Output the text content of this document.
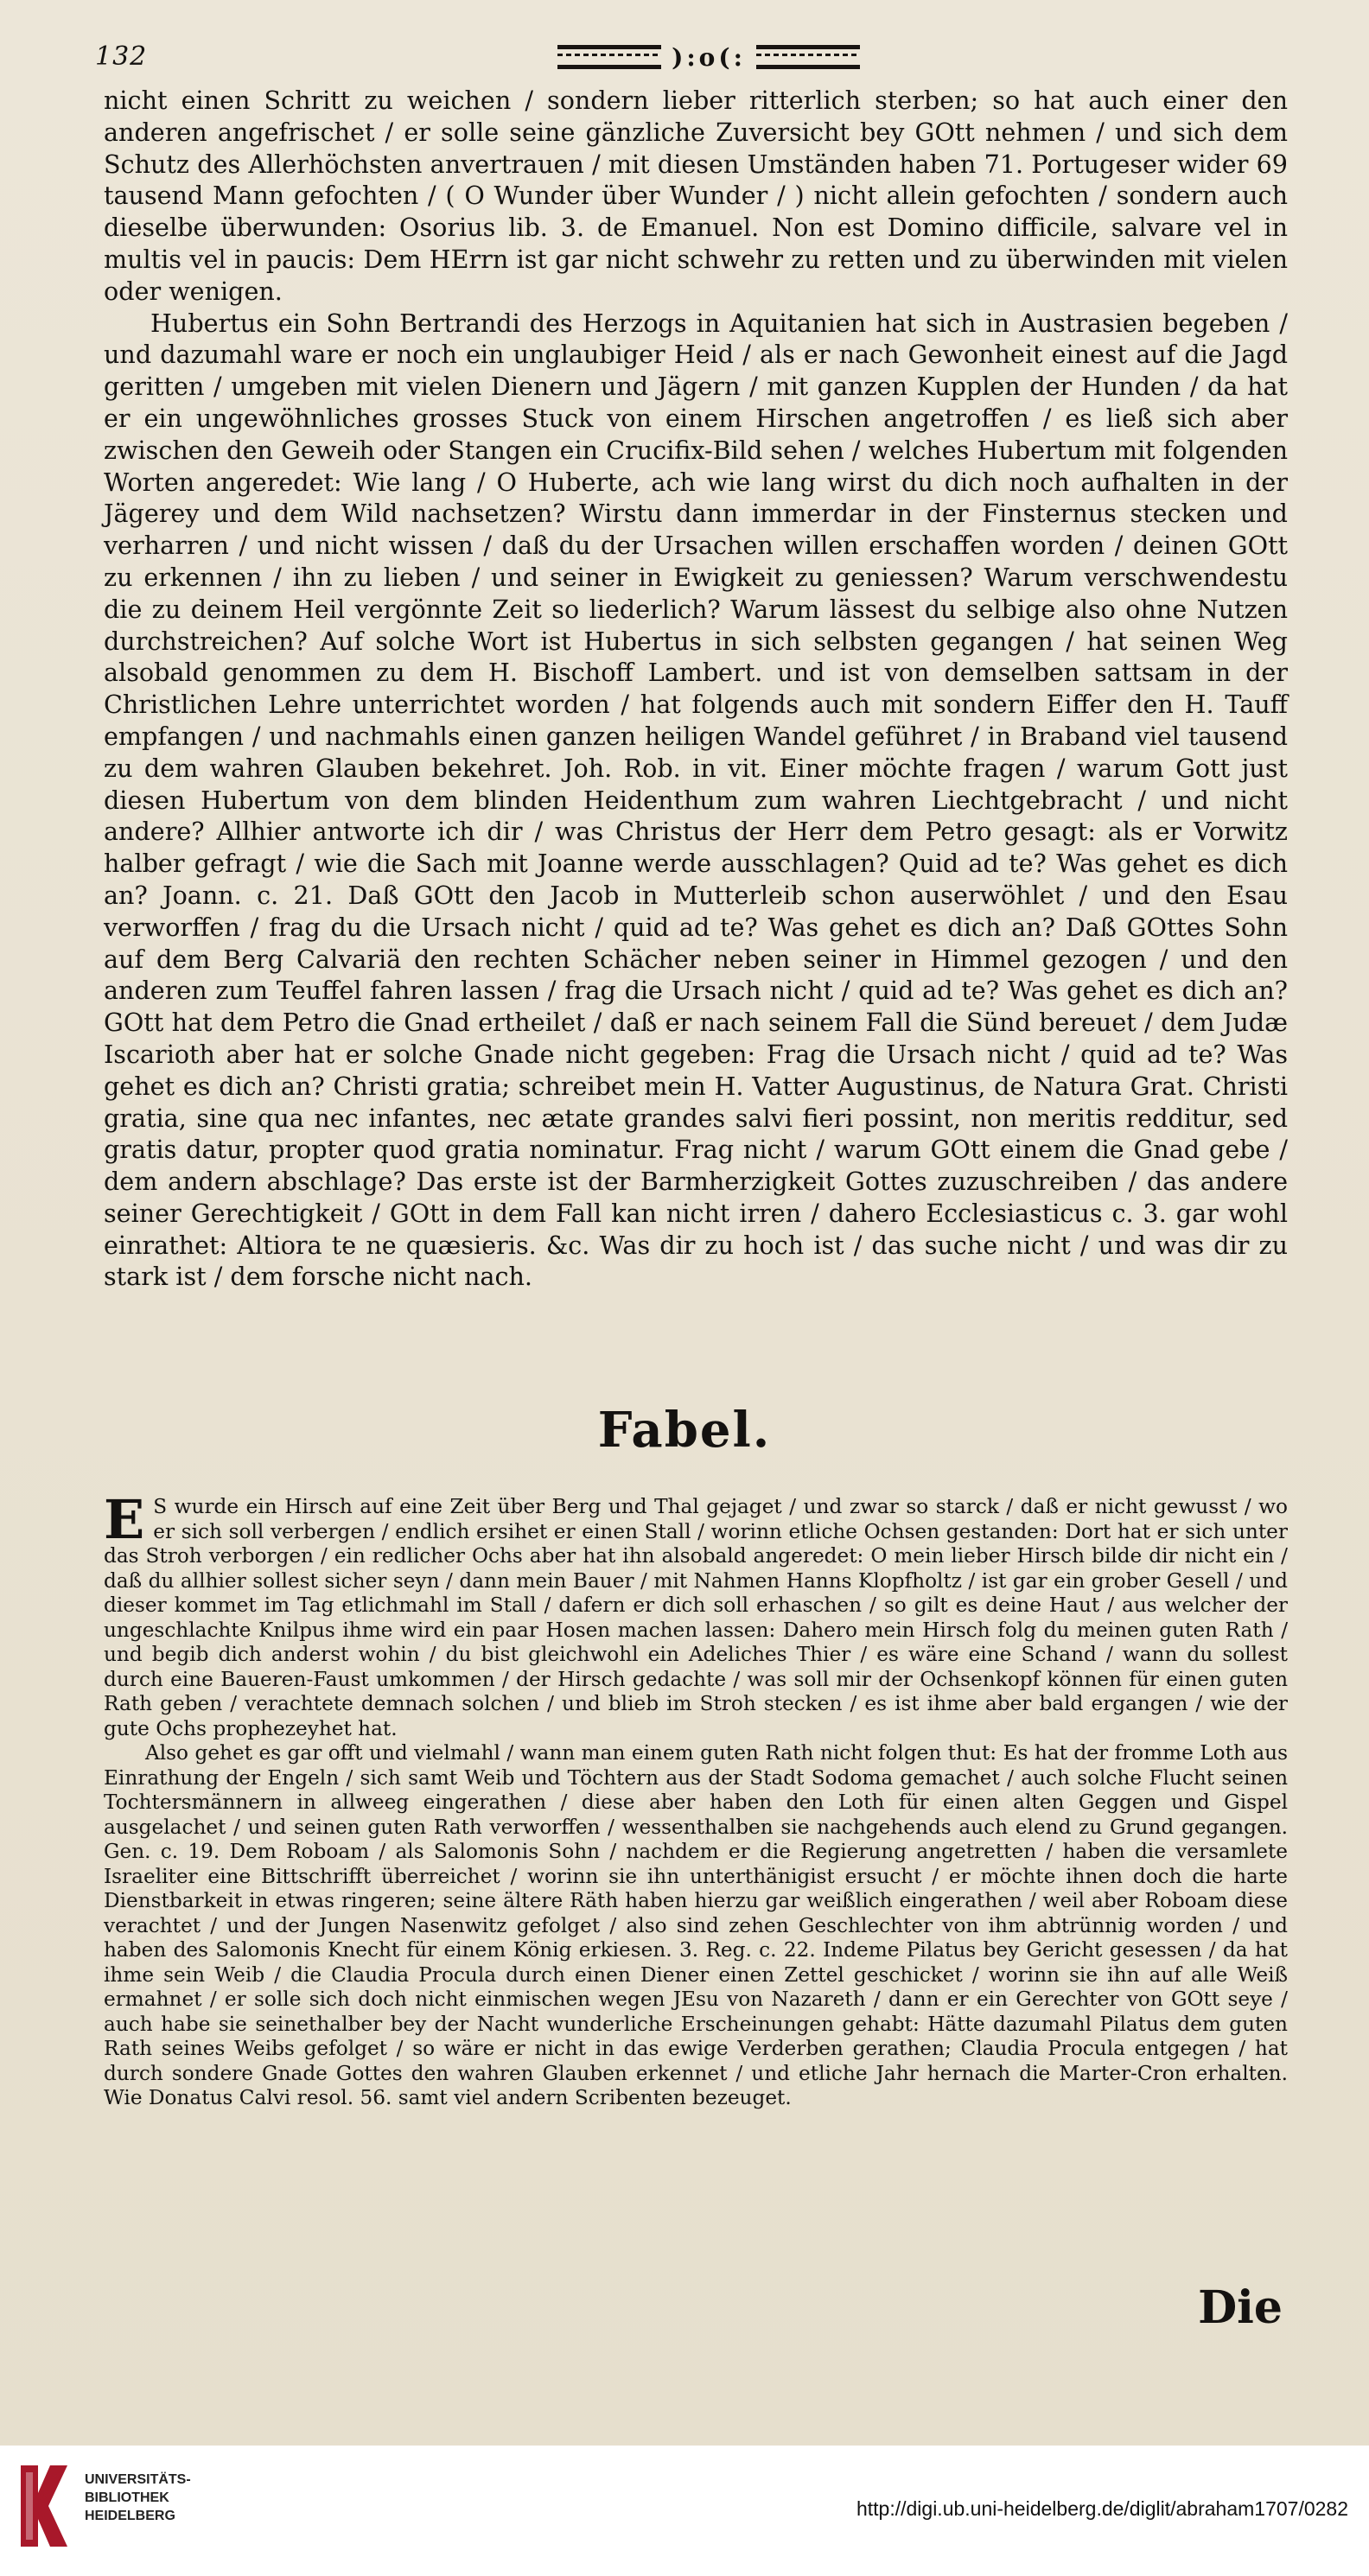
132	):o(:

nicht einen Schritt zu weichen / sondern lieber ritterlich sterben; so hat auch einer den anderen angefrischet / er solle seine gänzliche Zuversicht bey GOtt nehmen / und sich dem Schutz des Allerhöchsten anvertrauen / mit diesen Umständen haben 71. Portugeser wider 69 tausend Mann gefochten / ( O Wunder über Wunder / ) nicht allein gefochten / sondern auch dieselbe überwunden: Osorius lib. 3. de Emanuel. Non est Domino difficile, salvare vel in multis vel in paucis: Dem HErrn ist gar nicht schwehr zu retten und zu überwinden mit vielen oder wenigen.

Hubertus ein Sohn Bertrandi des Herzogs in Aquitanien hat sich in Austrasien begeben / und dazumahl ware er noch ein unglaubiger Heid / als er nach Gewonheit einest auf die Jagd geritten / umgeben mit vielen Dienern und Jägern / mit ganzen Kupplen der Hunden / da hat er ein ungewöhnliches grosses Stuck von einem Hirschen angetroffen / es ließ sich aber zwischen den Geweih oder Stangen ein Crucifix-Bild sehen / welches Hubertum mit folgenden Worten angeredet: Wie lang / O Huberte, ach wie lang wirst du dich noch aufhalten in der Jägerey und dem Wild nachsetzen? Wirstu dann immerdar in der Finsternus stecken und verharren / und nicht wissen / daß du der Ursachen willen erschaffen worden / deinen GOtt zu erkennen / ihn zu lieben / und seiner in Ewigkeit zu geniessen? Warum verschwendestu die zu deinem Heil vergönnte Zeit so liederlich? Warum lässest du selbige also ohne Nutzen durchstreichen? Auf solche Wort ist Hubertus in sich selbsten gegangen / hat seinen Weg alsobald genommen zu dem H. Bischoff Lambert. und ist von demselben sattsam in der Christlichen Lehre unterrichtet worden / hat folgends auch mit sondern Eiffer den H. Tauff empfangen / und nachmahls einen ganzen heiligen Wandel geführet / in Braband viel tausend zu dem wahren Glauben bekehret. Joh. Rob. in vit. Einer möchte fragen / warum Gott just diesen Hubertum von dem blinden Heidenthum zum wahren Liechtgebracht / und nicht andere? Allhier antworte ich dir / was Christus der Herr dem Petro gesagt: als er Vorwitz halber gefragt / wie die Sach mit Joanne werde ausschlagen? Quid ad te? Was gehet es dich an? Joann. c. 21. Daß GOtt den Jacob in Mutterleib schon auserwöhlet / und den Esau verworffen / frag du die Ursach nicht / quid ad te? Was gehet es dich an? Daß GOttes Sohn auf dem Berg Calvariä den rechten Schächer neben seiner in Himmel gezogen / und den anderen zum Teuffel fahren lassen / frag die Ursach nicht / quid ad te? Was gehet es dich an? GOtt hat dem Petro die Gnad ertheilet / daß er nach seinem Fall die Sünd bereuet / dem Judæ Iscarioth aber hat er solche Gnade nicht gegeben: Frag die Ursach nicht / quid ad te? Was gehet es dich an? Christi gratia; schreibet mein H. Vatter Augustinus, de Natura Grat. Christi gratia, sine qua nec infantes, nec ætate grandes salvi fieri possint, non meritis redditur, sed gratis datur, propter quod gratia nominatur. Frag nicht / warum GOtt einem die Gnad gebe / dem andern abschlage? Das erste ist der Barmherzigkeit Gottes zuzuschreiben / das andere seiner Gerechtigkeit / GOtt in dem Fall kan nicht irren / dahero Ecclesiasticus c. 3. gar wohl einrathet: Altiora te ne quæsieris. &c. Was dir zu hoch ist / das suche nicht / und was dir zu stark ist / dem forsche nicht nach.

Fabel.

E S wurde ein Hirsch auf eine Zeit über Berg und Thal gejaget / und zwar so starck / daß er nicht gewusst / wo er sich soll verbergen / endlich ersihet er einen Stall / worinn etliche Ochsen gestanden: Dort hat er sich unter das Stroh verborgen / ein redlicher Ochs aber hat ihn alsobald angeredet: O mein lieber Hirsch bilde dir nicht ein / daß du allhier sollest sicher seyn / dann mein Bauer / mit Nahmen Hanns Klopfholtz / ist gar ein grober Gesell / und dieser kommet im Tag etlichmahl im Stall / dafern er dich soll erhaschen / so gilt es deine Haut / aus welcher der ungeschlachte Knilpus ihme wird ein paar Hosen machen lassen: Dahero mein Hirsch folg du meinen guten Rath / und begib dich anderst wohin / du bist gleichwohl ein Adeliches Thier / es wäre eine Schand / wann du sollest durch eine Baueren-Faust umkommen / der Hirsch gedachte / was soll mir der Ochsenkopf können für einen guten Rath geben / verachtete demnach solchen / und blieb im Stroh stecken / es ist ihme aber bald ergangen / wie der gute Ochs prophezeyhet hat.

Also gehet es gar offt und vielmahl / wann man einem guten Rath nicht folgen thut: Es hat der fromme Loth aus Einrathung der Engeln / sich samt Weib und Töchtern aus der Stadt Sodoma gemachet / auch solche Flucht seinen Tochtersmännern in allweeg eingerathen / diese aber haben den Loth für einen alten Geggen und Gispel ausgelachet / und seinen guten Rath verworffen / wessenthalben sie nachgehends auch elend zu Grund gegangen. Gen. c. 19. Dem Roboam / als Salomonis Sohn / nachdem er die Regierung angetretten / haben die versamlete Israeliter eine Bittschrifft überreichet / worinn sie ihn unterthänigist ersucht / er möchte ihnen doch die harte Dienstbarkeit in etwas ringeren; seine ältere Räth haben hierzu gar weißlich eingerathen / weil aber Roboam diese verachtet / und der Jungen Nasenwitz gefolget / also sind zehen Geschlechter von ihm abtrünnig worden / und haben des Salomonis Knecht für einem König erkiesen. 3. Reg. c. 22. Indeme Pilatus bey Gericht gesessen / da hat ihme sein Weib / die Claudia Procula durch einen Diener einen Zettel geschicket / worinn sie ihn auf alle Weiß ermahnet / er solle sich doch nicht einmischen wegen JEsu von Nazareth / dann er ein Gerechter von GOtt seye / auch habe sie seinethalber bey der Nacht wunderliche Erscheinungen gehabt: Hätte dazumahl Pilatus dem guten Rath seines Weibs gefolget / so wäre er nicht in das ewige Verderben gerathen; Claudia Procula entgegen / hat durch sondere Gnade Gottes den wahren Glauben erkennet / und etliche Jahr hernach die Marter-Cron erhalten. Wie Donatus Calvi resol. 56. samt viel andern Scribenten bezeuget.

Die
UNIVERSITÄTS-
BIBLIOTHEK
HEIDELBERG	http://digi.ub.uni-heidelberg.de/diglit/abraham1707/0282
